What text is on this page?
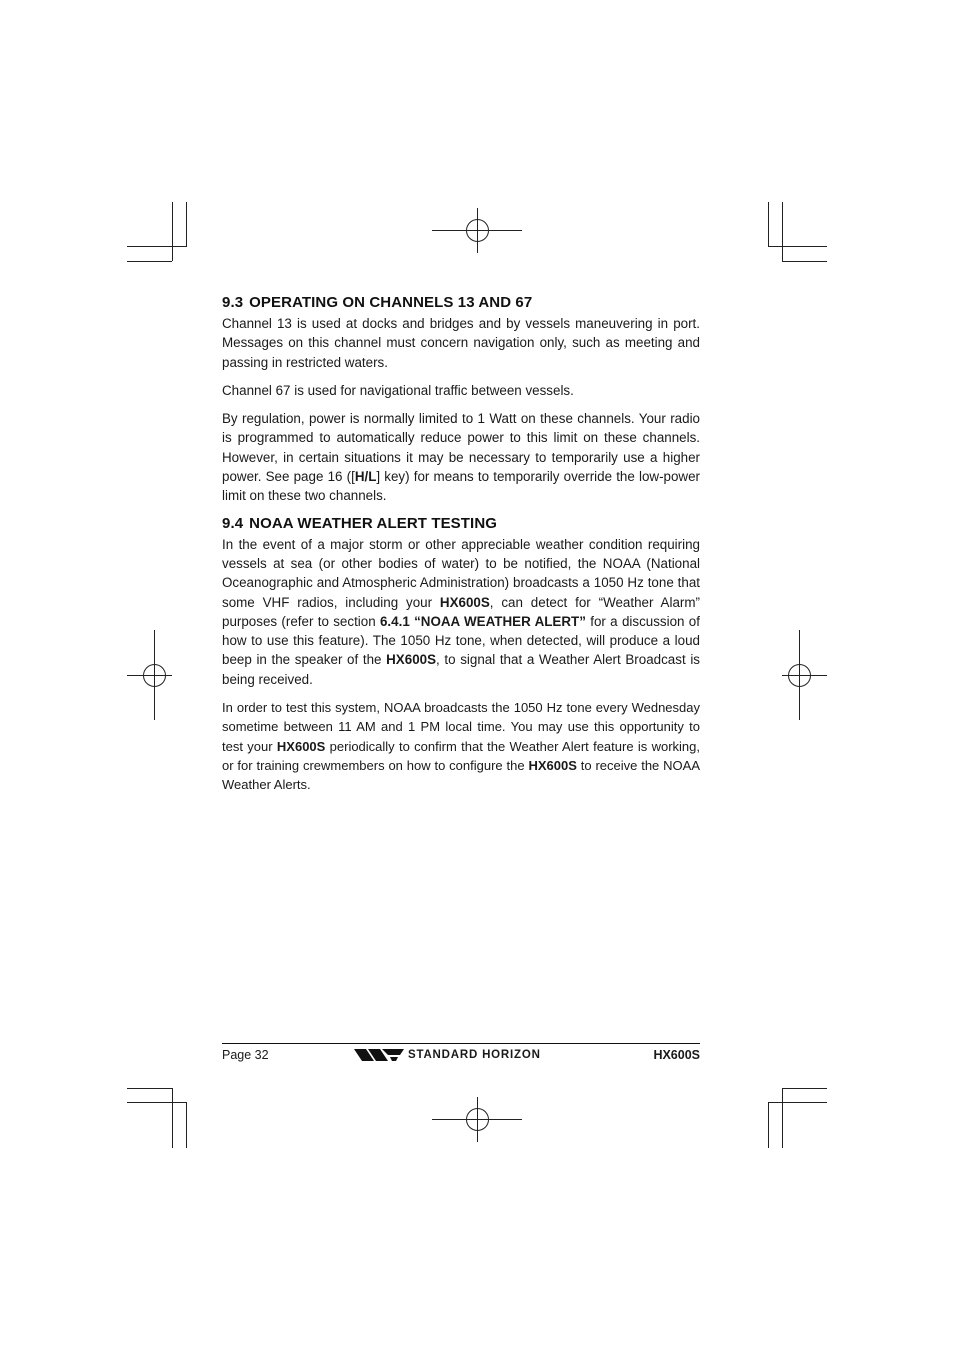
9.3 OPERATING ON CHANNELS 13 AND 67

Channel 13 is used at docks and bridges and by vessels maneuvering in port. Messages on this channel must concern navigation only, such as meeting and passing in restricted waters.

Channel 67 is used for navigational traffic between vessels.

By regulation, power is normally limited to 1 Watt on these channels. Your radio is programmed to automatically reduce power to this limit on these channels. However, in certain situations it may be necessary to temporarily use a higher power. See page 16 ([H/L] key) for means to temporarily override the low-power limit on these two channels.

9.4 NOAA WEATHER ALERT TESTING

In the event of a major storm or other appreciable weather condition requiring vessels at sea (or other bodies of water) to be notified, the NOAA (National Oceanographic and Atmospheric Administration) broadcasts a 1050 Hz tone that some VHF radios, including your HX600S, can detect for “Weather Alarm” purposes (refer to section 6.4.1 “NOAA WEATHER ALERT” for a discussion of how to use this feature). The 1050 Hz tone, when detected, will produce a loud beep in the speaker of the HX600S, to signal that a Weather Alert Broadcast is being received.

In order to test this system, NOAA broadcasts the 1050 Hz tone every Wednesday sometime between 11 AM and 1 PM local time. You may use this opportunity to test your HX600S periodically to confirm that the Weather Alert feature is working, or for training crewmembers on how to configure the HX600S to receive the NOAA Weather Alerts.

Page 32	STANDARD HORIZON	HX600S
